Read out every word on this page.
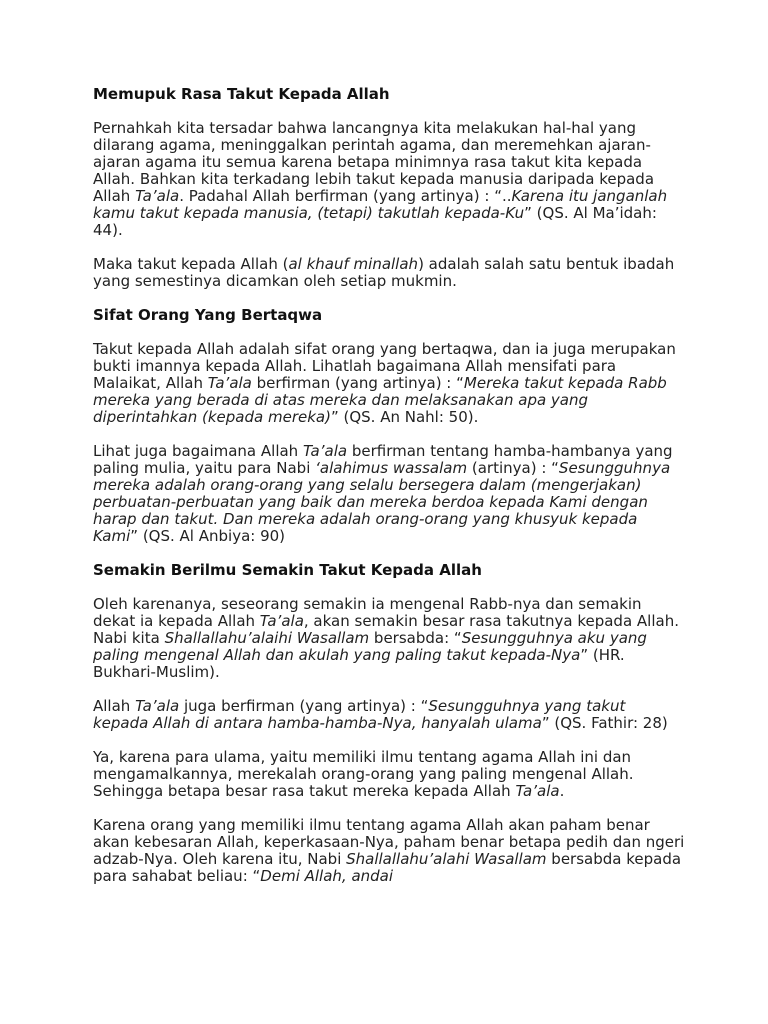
Memupuk Rasa Takut Kepada Allah

Pernahkah kita tersadar bahwa lancangnya kita melakukan hal-hal yang dilarang agama, meninggalkan perintah agama, dan meremehkan ajaran-ajaran agama itu semua karena betapa minimnya rasa takut kita kepada Allah. Bahkan kita terkadang lebih takut kepada manusia daripada kepada Allah Ta’ala. Padahal Allah berfirman (yang artinya) : “..Karena itu janganlah kamu takut kepada manusia, (tetapi) takutlah kepada-Ku” (QS. Al Ma’idah: 44).

Maka takut kepada Allah (al khauf minallah) adalah salah satu bentuk ibadah yang semestinya dicamkan oleh setiap mukmin.

Sifat Orang Yang Bertaqwa

Takut kepada Allah adalah sifat orang yang bertaqwa, dan ia juga merupakan bukti imannya kepada Allah. Lihatlah bagaimana Allah mensifati para Malaikat, Allah Ta’ala berfirman (yang artinya) : “Mereka takut kepada Rabb mereka yang berada di atas mereka dan melaksanakan apa yang diperintahkan (kepada mereka)” (QS. An Nahl: 50).

Lihat juga bagaimana Allah Ta’ala berfirman tentang hamba-hambanya yang paling mulia, yaitu para Nabi ‘alahimus wassalam (artinya) : “Sesungguhnya mereka adalah orang-orang yang selalu bersegera dalam (mengerjakan) perbuatan-perbuatan yang baik dan mereka berdoa kepada Kami dengan harap dan takut. Dan mereka adalah orang-orang yang khusyuk kepada Kami” (QS. Al Anbiya: 90)

Semakin Berilmu Semakin Takut Kepada Allah

Oleh karenanya, seseorang semakin ia mengenal Rabb-nya dan semakin dekat ia kepada Allah Ta’ala, akan semakin besar rasa takutnya kepada Allah. Nabi kita Shallallahu’alaihi Wasallam bersabda: “Sesungguhnya aku yang paling mengenal Allah dan akulah yang paling takut kepada-Nya” (HR. Bukhari-Muslim).

Allah Ta’ala juga berfirman (yang artinya) : “Sesungguhnya yang takut kepada Allah di antara hamba-hamba-Nya, hanyalah ulama” (QS. Fathir: 28)

Ya, karena para ulama, yaitu memiliki ilmu tentang agama Allah ini dan mengamalkannya, merekalah orang-orang yang paling mengenal Allah. Sehingga betapa besar rasa takut mereka kepada Allah Ta’ala.

Karena orang yang memiliki ilmu tentang agama Allah akan paham benar akan kebesaran Allah, keperkasaan-Nya, paham benar betapa pedih dan ngeri adzab-Nya. Oleh karena itu, Nabi Shallallahu’alahi Wasallam bersabda kepada para sahabat beliau: “Demi Allah, andai
